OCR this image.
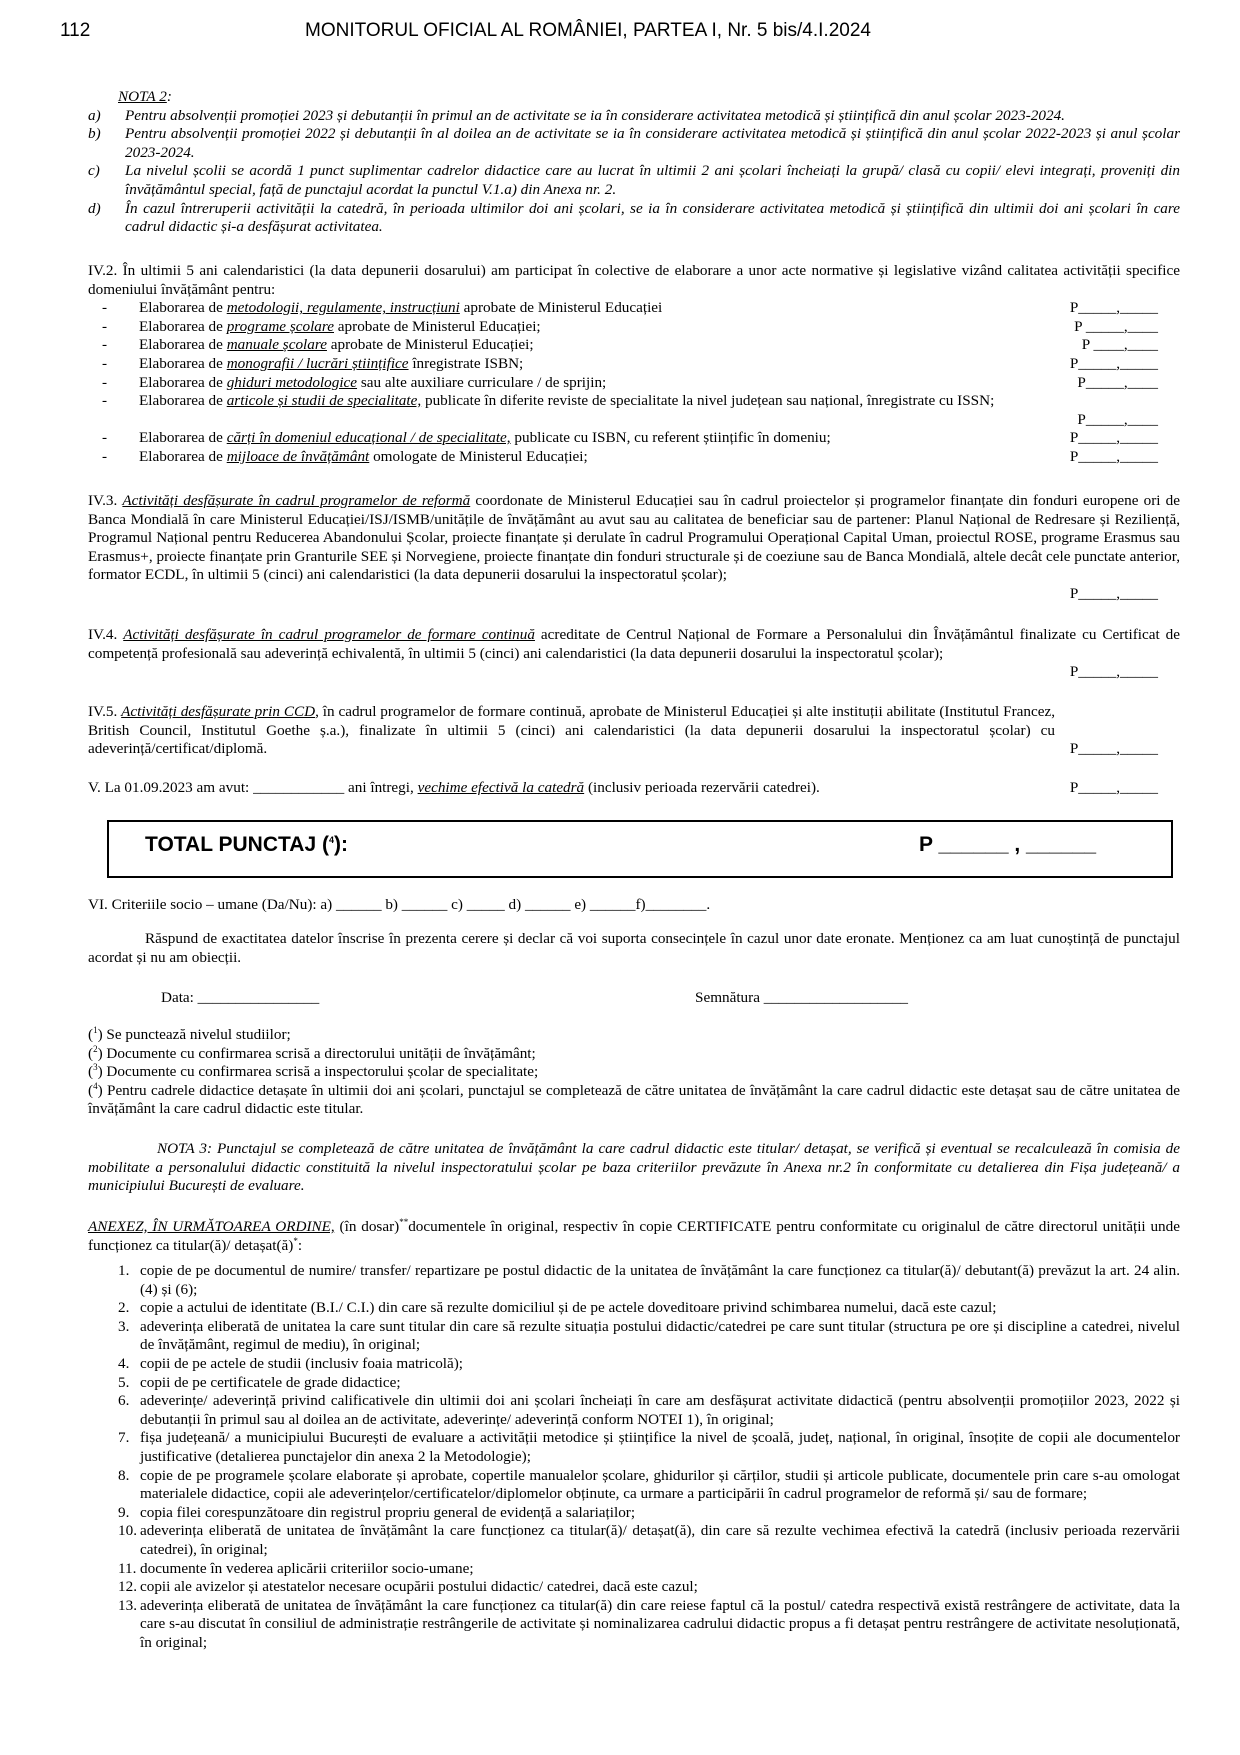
112	MONITORUL OFICIAL AL ROMÂNIEI, PARTEA I, Nr. 5 bis/4.I.2024
NOTA 2:
a)	Pentru absolvenții promoției 2023 și debutanții în primul an de activitate se ia în considerare activitatea metodică și științifică din anul școlar 2023-2024.
b)	Pentru absolvenții promoției 2022 și debutanții în al doilea an de activitate se ia în considerare activitatea metodică și științifică din anul școlar 2022-2023 și anul școlar 2023-2024.
c)	La nivelul școlii se acordă 1 punct suplimentar cadrelor didactice care au lucrat în ultimii 2 ani școlari încheiați la grupă/ clasă cu copii/ elevi integrați, proveniți din învățământul special, față de punctajul acordat la punctul V.1.a) din Anexa nr. 2.
d)	În cazul întreruperii activității la catedră, în perioada ultimilor doi ani școlari, se ia în considerare activitatea metodică și științifică din ultimii doi ani școlari în care cadrul didactic și-a desfășurat activitatea.
IV.2. În ultimii 5 ani calendaristici (la data depunerii dosarului) am participat în colective de elaborare a unor acte normative și legislative vizând calitatea activității specifice domeniului învățământ pentru:
-	Elaborarea de metodologii, regulamente, instrucțiuni aprobate de Ministerul Educației	P_____,_____
-	Elaborarea de programe școlare aprobate de Ministerul Educației;	P _____,____
-	Elaborarea de manuale școlare aprobate de Ministerul Educației;	P ____,____
-	Elaborarea de monografii / lucrări științifice înregistrate ISBN;	P_____,_____
-	Elaborarea de ghiduri metodologice sau alte auxiliare curriculare / de sprijin;	P_____,____
-	Elaborarea de articole și studii de specialitate, publicate în diferite reviste de specialitate la nivel județean sau național, înregistrate cu ISSN;
P_____,____
-	Elaborarea de cărți în domeniul educațional / de specialitate, publicate cu ISBN, cu referent științific în domeniu;	P_____,_____
-	Elaborarea de mijloace de învățământ omologate de Ministerul Educației;	P_____,_____
IV.3. Activități desfășurate în cadrul programelor de reformă coordonate de Ministerul Educației sau în cadrul proiectelor și programelor finanțate din fonduri europene ori de Banca Mondială în care Ministerul Educației/ISJ/ISMB/unitățile de învățământ au avut sau au calitatea de beneficiar sau de partener: Planul Național de Redresare și Reziliență, Programul Național pentru Reducerea Abandonului Școlar, proiecte finanțate și derulate în cadrul Programului Operațional Capital Uman, proiectul ROSE, programe Erasmus sau Erasmus+, proiecte finanțate prin Granturile SEE și Norvegiene, proiecte finanțate din fonduri structurale și de coeziune sau de Banca Mondială, altele decât cele punctate anterior, formator ECDL, în ultimii 5 (cinci) ani calendaristici (la data depunerii dosarului la inspectoratul școlar);
P_____,_____
IV.4. Activități desfășurate în cadrul programelor de formare continuă acreditate de Centrul Național de Formare a Personalului din Învățământul finalizate cu Certificat de competență profesională sau adeverință echivalentă, în ultimii 5 (cinci) ani calendaristici (la data depunerii dosarului la inspectoratul școlar);
P_____,_____
IV.5. Activități desfășurate prin CCD, în cadrul programelor de formare continuă, aprobate de Ministerul Educației și alte instituții abilitate (Institutul Francez, British Council, Institutul Goethe ș.a.), finalizate în ultimii 5 (cinci) ani calendaristici (la data depunerii dosarului la inspectoratul școlar) cu adeverință/certificat/diplomă.	P_____,_____
V. La 01.09.2023 am avut: ____________ ani întregi, vechime efectivă la catedră (inclusiv perioada rezervării catedrei).	P_____,_____
TOTAL PUNCTAJ ($^4$):	P ______ , ______
VI. Criteriile socio – umane (Da/Nu): a) ______ b) ______ c) _____ d) ______ e) ______f)________.
Răspund de exactitatea datelor înscrise în prezenta cerere și declar că voi suporta consecințele în cazul unor date eronate. Menționez ca am luat cunoștință de punctajul acordat și nu am obiecții.
Data: ________________	Semnătura ___________________
($^1$) Se punctează nivelul studiilor;
($^2$) Documente cu confirmarea scrisă a directorului unității de învățământ;
($^3$) Documente cu confirmarea scrisă a inspectorului școlar de specialitate;
($^4$) Pentru cadrele didactice detașate în ultimii doi ani școlari, punctajul se completează de către unitatea de învățământ la care cadrul didactic este detașat sau de către unitatea de învățământ la care cadrul didactic este titular.
NOTA 3: Punctajul se completează de către unitatea de învățământ la care cadrul didactic este titular/ detașat, se verifică și eventual se recalculează în comisia de mobilitate a personalului didactic constituită la nivelul inspectoratului școlar pe baza criteriilor prevăzute în Anexa nr.2 în conformitate cu detalierea din Fișa județeană/ a municipiului București de evaluare.
ANEXEZ, ÎN URMĂTOAREA ORDINE, (în dosar)**documentele în original, respectiv în copie CERTIFICATE pentru conformitate cu originalul de către directorul unității unde funcționez ca titular(ă)/ detașat(ă)*:
1. copie de pe documentul de numire/ transfer/ repartizare pe postul didactic de la unitatea de învățământ la care funcționez ca titular(ă)/ debutant(ă) prevăzut la art. 24 alin. (4) și (6);
2. copie a actului de identitate (B.I./ C.I.) din care să rezulte domiciliul și de pe actele doveditoare privind schimbarea numelui, dacă este cazul;
3. adeverința eliberată de unitatea la care sunt titular din care să rezulte situația postului didactic/catedrei pe care sunt titular (structura pe ore și discipline a catedrei, nivelul de învățământ, regimul de mediu), în original;
4. copii de pe actele de studii (inclusiv foaia matricolă);
5. copii de pe certificatele de grade didactice;
6. adeverințe/ adeverință privind calificativele din ultimii doi ani școlari încheiați în care am desfășurat activitate didactică (pentru absolvenții promoțiilor 2023, 2022 și debutanții în primul sau al doilea an de activitate, adeverințe/ adeverință conform NOTEI 1), în original;
7. fișa județeană/ a municipiului București de evaluare a activității metodice și științifice la nivel de școală, județ, național, în original, însoțite de copii ale documentelor justificative (detalierea punctajelor din anexa 2 la Metodologie);
8. copie de pe programele școlare elaborate și aprobate, copertile manualelor școlare, ghidurilor și cărților, studii și articole publicate, documentele prin care s-au omologat materialele didactice, copii ale adeverințelor/certificatelor/diplomelor obținute, ca urmare a participării în cadrul programelor de reformă și/ sau de formare;
9. copia filei corespunzătoare din registrul propriu general de evidență a salariaților;
10. adeverința eliberată de unitatea de învățământ la care funcționez ca titular(ă)/ detașat(ă), din care să rezulte vechimea efectivă la catedră (inclusiv perioada rezervării catedrei), în original;
11. documente în vederea aplicării criteriilor socio-umane;
12. copii ale avizelor și atestatelor necesare ocupării postului didactic/ catedrei, dacă este cazul;
13. adeverința eliberată de unitatea de învățământ la care funcționez ca titular(ă) din care reiese faptul că la postul/ catedra respectivă există restrângere de activitate, data la care s-au discutat în consiliul de administrație restrângerile de activitate și nominalizarea cadrului didactic propus a fi detașat pentru restrângere de activitate nesoluționată, în original;
